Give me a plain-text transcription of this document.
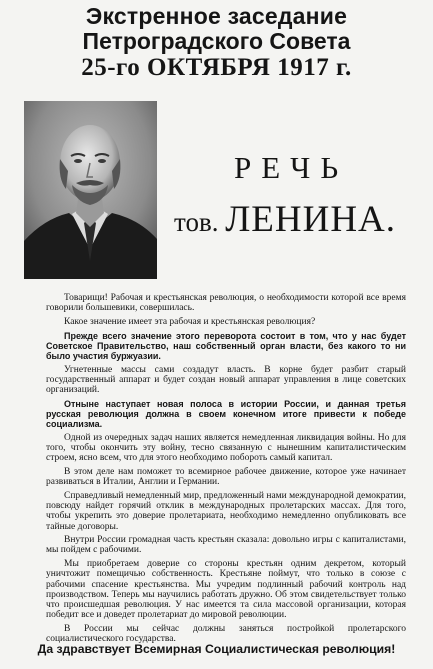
Экстренное заседание
Петроградского Совета
25-го ОКТЯБРЯ 1917 г.
РЕЧЬ
тов. ЛЕНИНА.

Товарищи! Рабочая и крестьянская революция, о необходимости которой все время говорили большевики, совершилась.

Какое значение имеет эта рабочая и крестьянская революция?

Прежде всего значение этого переворота состоит в том, что у нас будет Советское Правительство, наш собственный орган власти, без какого то ни было участия буржуазии.

Угнетенные массы сами создадут власть. В корне будет разбит старый государственный аппарат и будет создан новый аппарат управления в лице советских организаций.

Отныне наступает новая полоса в истории России, и данная третья русская революция должна в своем конечном итоге привести к победе социализма.

Одной из очередных задач наших является немедленная ликвидация войны. Но для того, чтобы окончить эту войну, тесно связанную с нынешним капиталистическим строем, ясно всем, что для этого необходимо побороть самый капитал.

В этом деле нам поможет то всемирное рабочее движение, которое уже начинает развиваться в Италии, Англии и Германии.

Справедливый немедленный мир, предложенный нами международной демократии, повсюду найдет горячий отклик в международных пролетарских массах. Для того, чтобы укрепить это доверие пролетариата, необходимо немедленно опубликовать все тайные договоры.

Внутри России громадная часть крестьян сказала: довольно игры с капиталистами, мы пойдем с рабочими.

Мы приобретаем доверие со стороны крестьян одним декретом, который уничтожит помещичью собственность. Крестьяне поймут, что только в союзе с рабочими спасение крестьянства. Мы учредим подлинный рабочий контроль над производством. Теперь мы научились работать дружно. Об этом свидетельствует только что происшедшая революция. У нас имеется та сила массовой организации, которая победит все и доведет пролетариат до мировой революции.

В России мы сейчас должны заняться постройкой пролетарского социалистического государства.

Да здравствует Всемирная Социалистическая революция!
